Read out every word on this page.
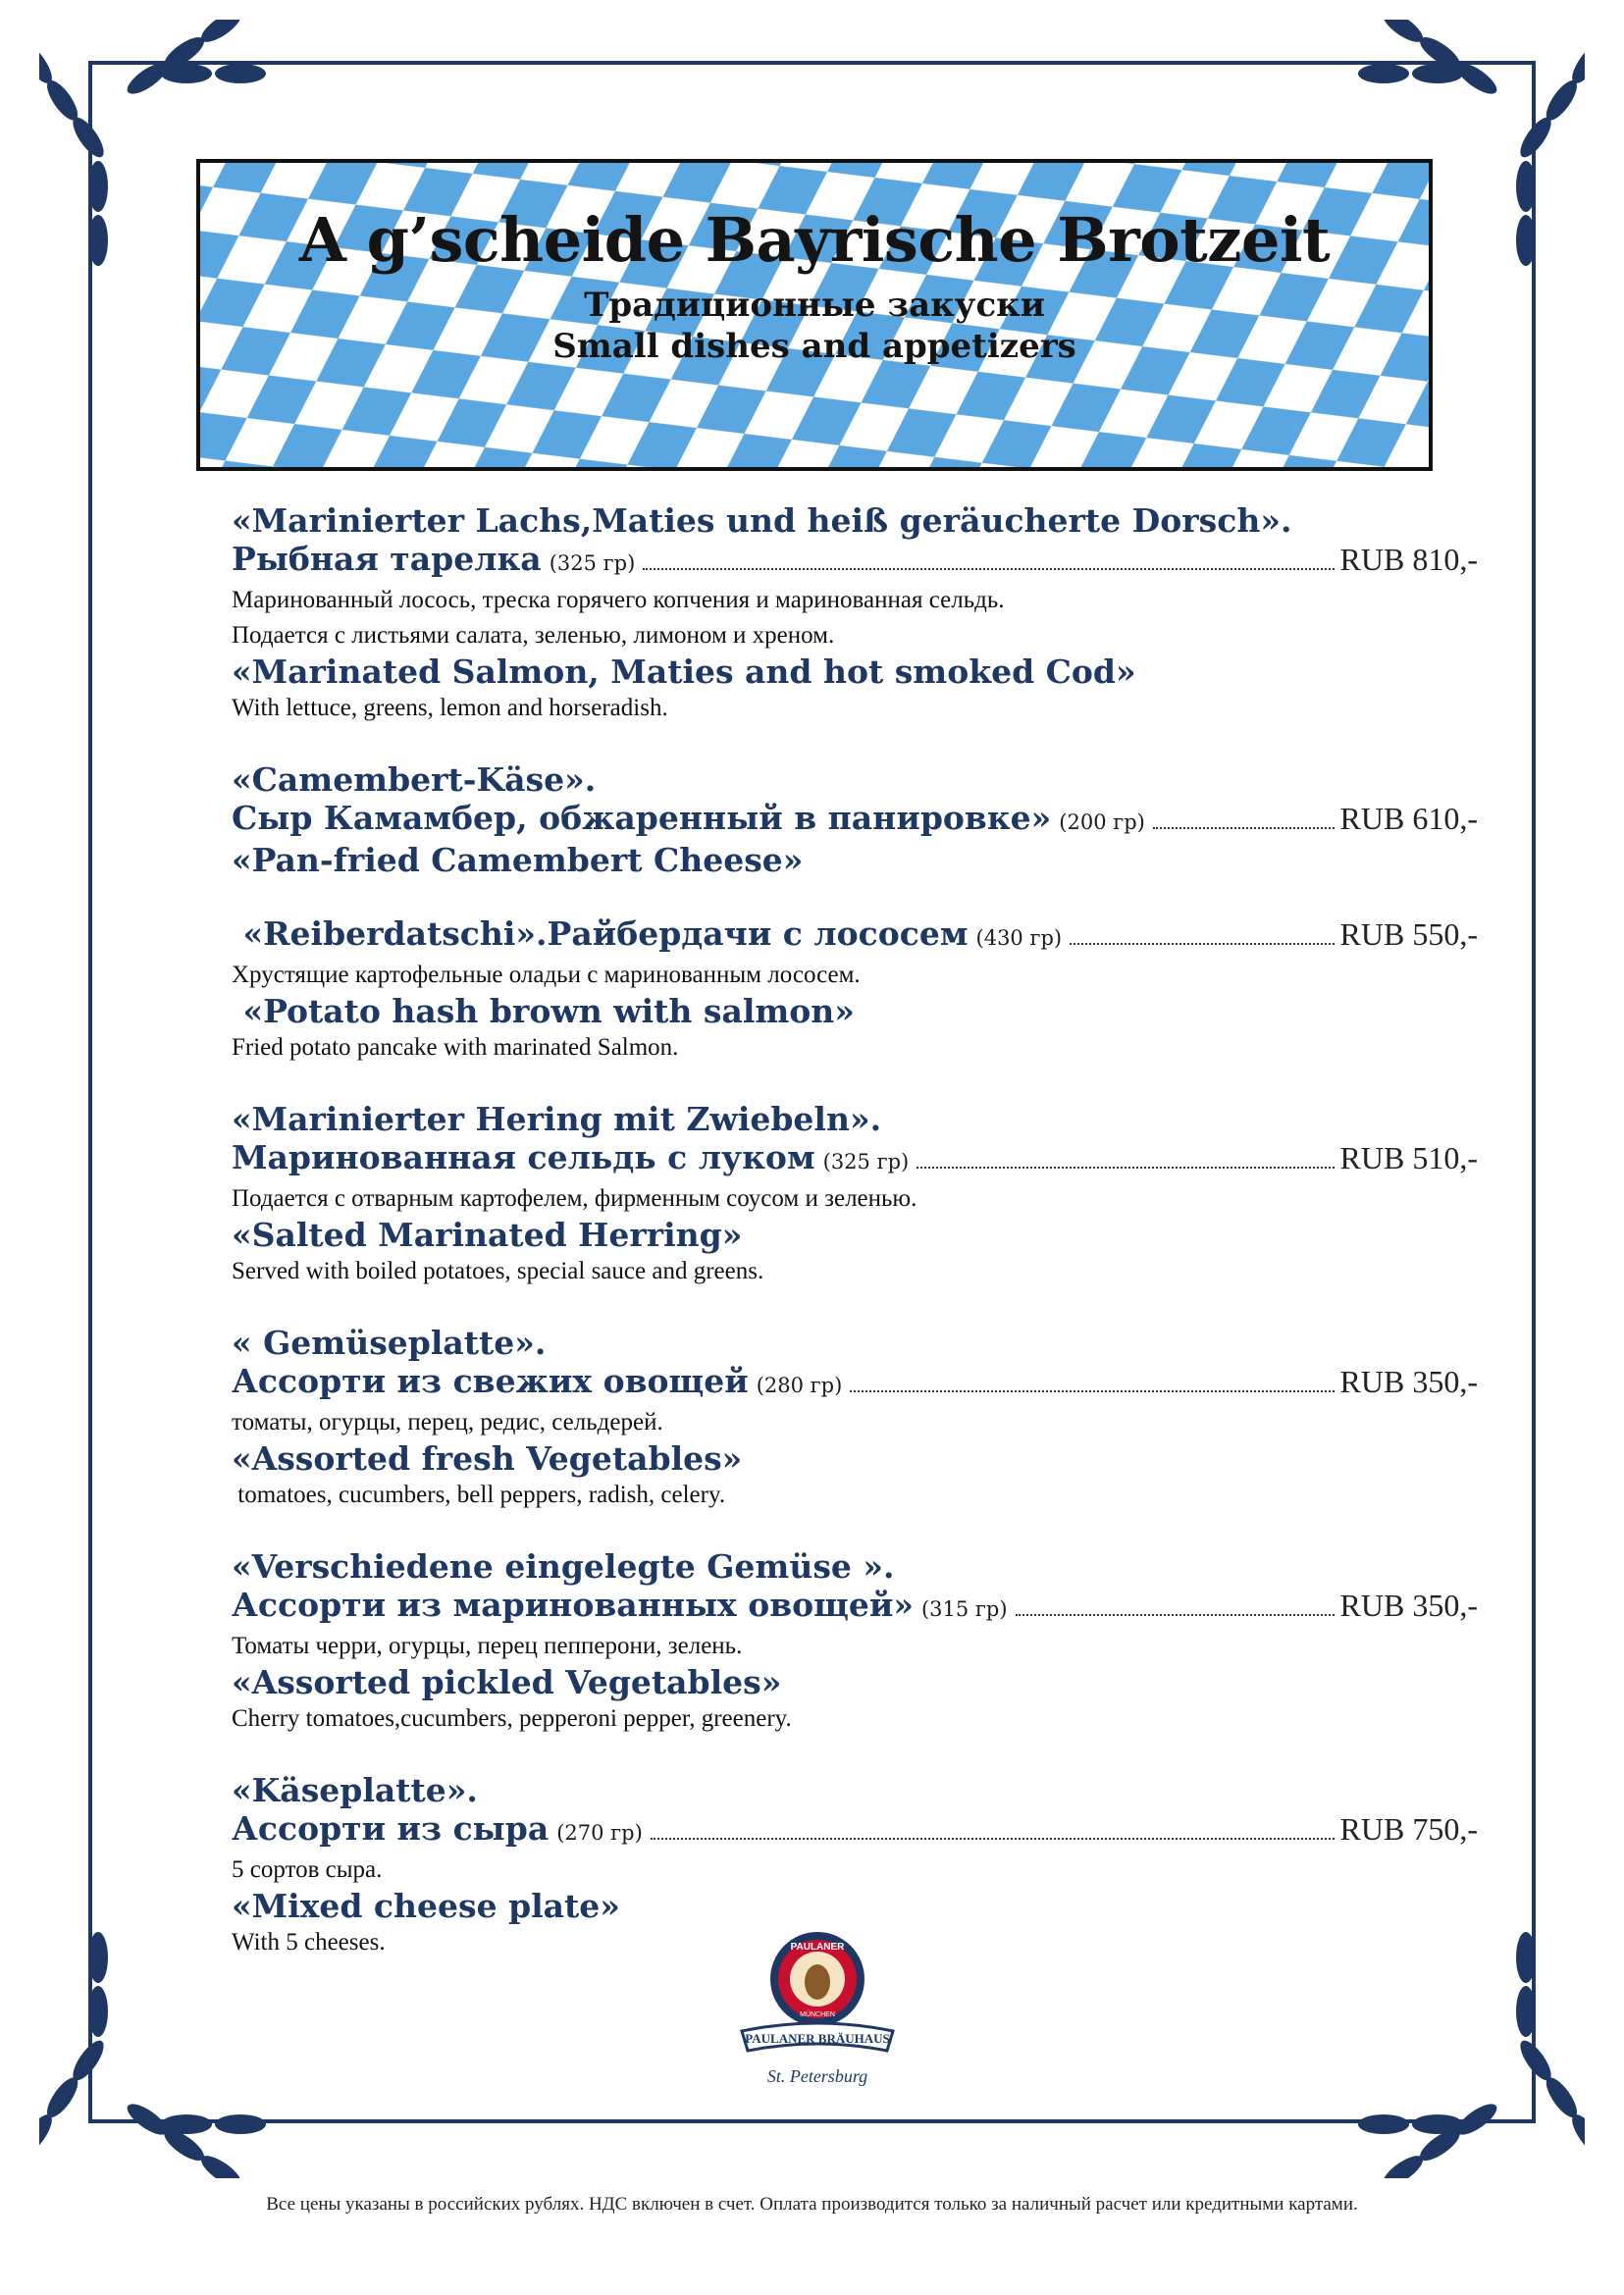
A g’scheide Bayrische Brotzeit
Традиционные закуски
Small dishes and appetizers
«Marinierter Lachs,Maties und heiß geräucherte Dorsch».
Рыбная тарелка (325 гр)	RUB 810,-
Маринованный лосось, треска горячего копчения и маринованная сельдь.
Подается с листьями салата, зеленью, лимоном и хреном.
«Marinated Salmon, Maties and hot smoked Cod»
With lettuce, greens, lemon and horseradish.
«Camembert-Käse».
Сыр Камамбер, обжаренный в панировке» (200 гр)	RUB 610,-
«Pan-fried Camembert Cheese»
«Reiberdatschi».Райбердачи с лососем (430 гр)	RUB 550,-
Хрустящие картофельные оладьи с маринованным лососем.
«Potato hash brown with salmon»
Fried potato pancake with marinated Salmon.
«Marinierter Hering mit Zwiebeln».
Маринованная сельдь с луком (325 гр)	RUB 510,-
Подается с отварным картофелем, фирменным соусом и зеленью.
«Salted Marinated Herring»
Served with boiled potatoes, special sauce and greens.
« Gemüseplatte».
Ассорти из свежих овощей (280 гр)	RUB 350,-
томаты, огурцы, перец, редис, сельдерей.
«Assorted fresh Vegetables»
tomatoes, cucumbers, bell peppers, radish, celery.
«Verschiedene eingelegte Gemüse ».
Ассорти из маринованных овощей» (315 гр)	RUB 350,-
Томаты черри, огурцы, перец пепперони, зелень.
«Assorted pickled Vegetables»
Cherry tomatoes,cucumbers, pepperoni pepper, greenery.
«Käseplatte».
Ассорти из сыра (270 гр)	RUB 750,-
5 сортов сыра.
«Mixed cheese plate»
With 5 cheeses.	PAULANER
MÜNCHEN
PAULANER BRÄUHAUS
St. Petersburg
Все цены указаны в российских рублях. НДС включен в счет. Оплата производится только за наличный расчет или кредитными картами.
